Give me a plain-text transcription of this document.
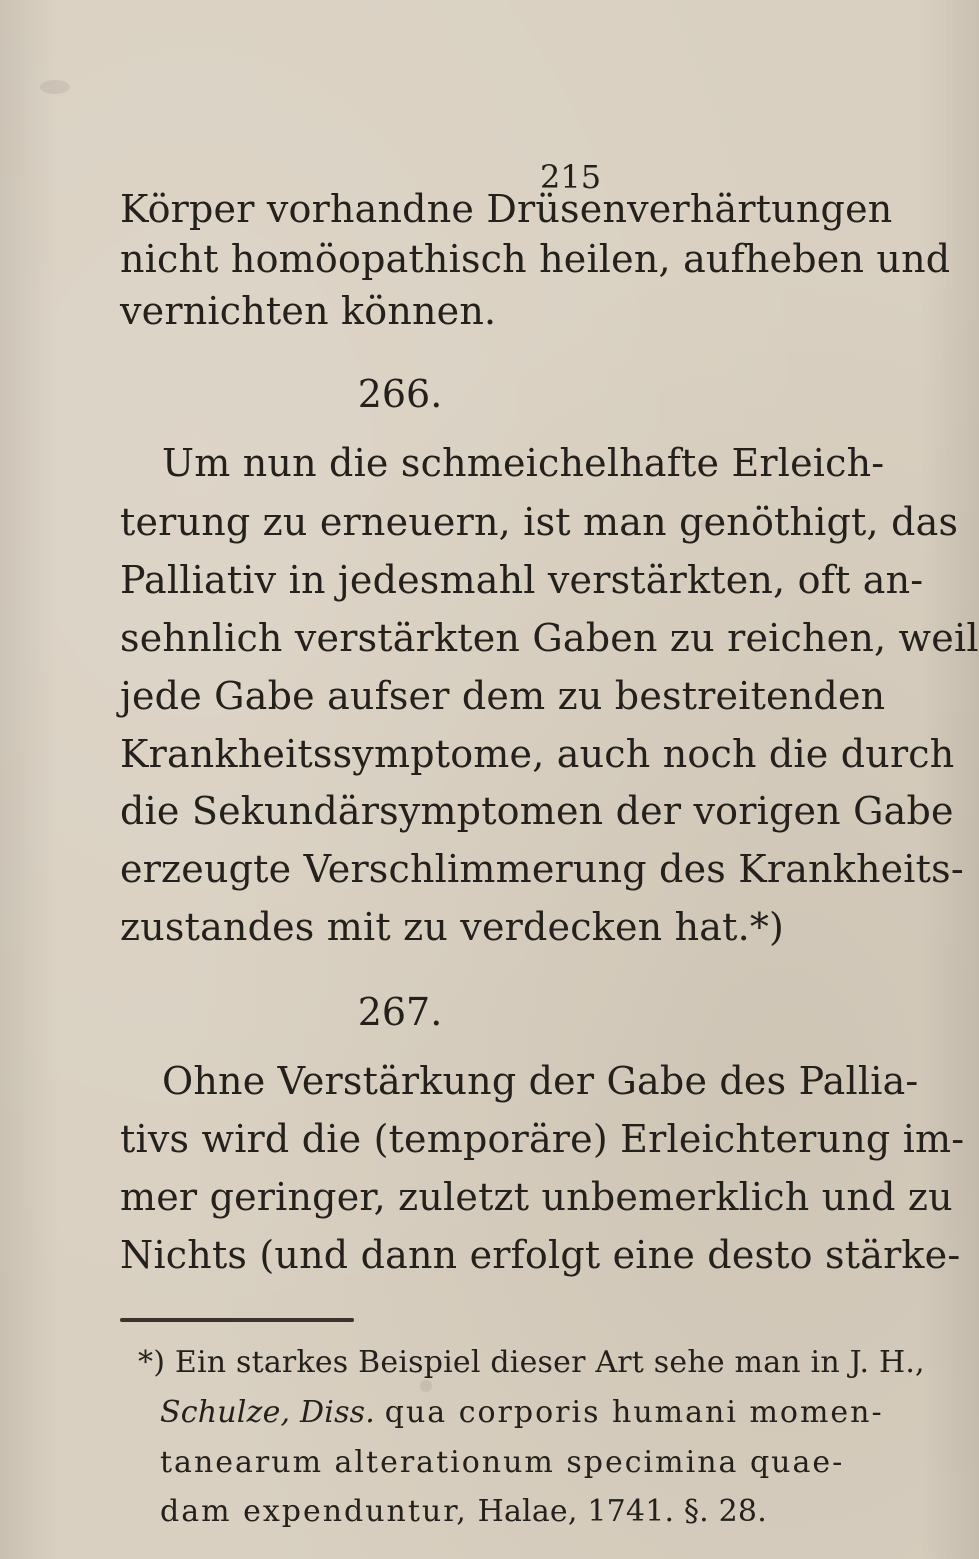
215
Körper vorhandne Drüsenverhärtungen
nicht homöopathisch heilen, aufheben und
vernichten können.
266.
Um nun die schmeichelhafte Erleich-
terung zu erneuern, ist man genöthigt, das
Palliativ in jedesmahl verstärkten, oft an-
sehnlich verstärkten Gaben zu reichen, weil
jede Gabe aufser dem zu bestreitenden
Krankheitssymptome, auch noch die durch
die Sekundärsymptomen der vorigen Gabe
erzeugte Verschlimmerung des Krankheits-
zustandes mit zu verdecken hat.*)
267.
Ohne Verstärkung der Gabe des Pallia-
tivs wird die (temporäre) Erleichterung im-
mer geringer, zuletzt unbemerklich und zu
Nichts (und dann erfolgt eine desto stärke-
*) Ein starkes Beispiel dieser Art sehe man in J. H.,
Schulze, Diss. qua corporis humani momen-
tanearum alterationum specimina quae-
dam expenduntur, Halae, 1741. §. 28.
